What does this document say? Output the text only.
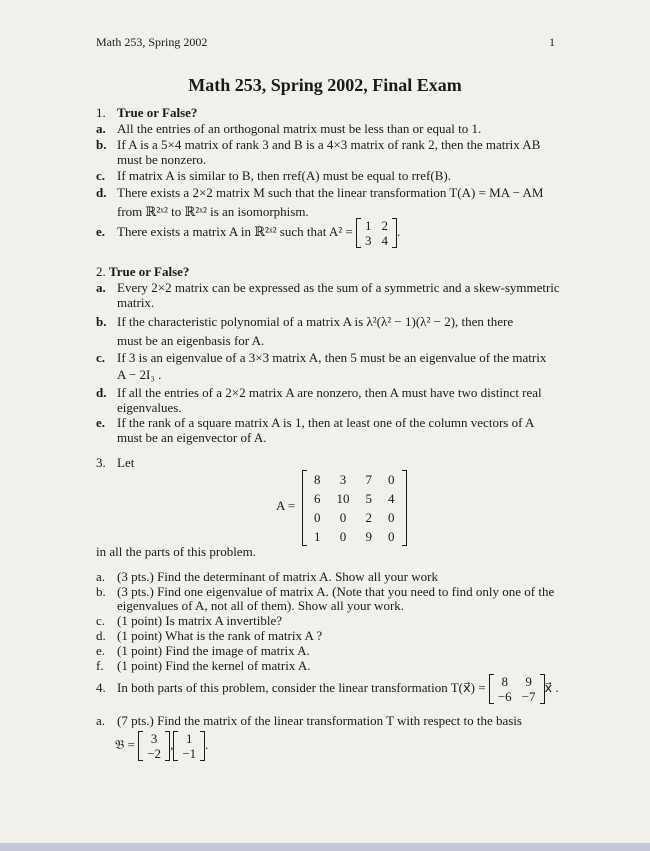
Math 253, Spring 2002	1
Math 253, Spring 2002, Final Exam
1. True or False?
a. All the entries of an orthogonal matrix must be less than or equal to 1.
b. If A is a 5×4 matrix of rank 3 and B is a 4×3 matrix of rank 2, then the matrix AB
must be nonzero.
c. If matrix A is similar to B, then rref(A) must be equal to rref(B).
d. There exists a 2×2 matrix M such that the linear transformation T(A) = MA − AM
from ℝ²ˣ² to ℝ²ˣ² is an isomorphism.
e. There exists a matrix A in ℝ²ˣ² such that A² = 1	2
3	4
.
2. True or False?
a. Every 2×2 matrix can be expressed as the sum of a symmetric and a skew-symmetric
matrix.
b. If the characteristic polynomial of a matrix A is λ²(λ² − 1)(λ² − 2), then there
must be an eigenbasis for A.
c. If 3 is an eigenvalue of a 3×3 matrix A, then 5 must be an eigenvalue of the matrix
A − 2I₃ .
d. If all the entries of a 2×2 matrix A are nonzero, then A must have two distinct real
eigenvalues.
e. If the rank of a square matrix A is 1, then at least one of the column vectors of A
must be an eigenvector of A.
3. Let
A =
8	3	7	0
6	10	5	4
0	0	2	0
1	0	9	0
in all the parts of this problem.
a. (3 pts.) Find the determinant of matrix A. Show all your work
b. (3 pts.) Find one eigenvalue of matrix A. (Note that you need to find only one of the
eigenvalues of A, not all of them). Show all your work.
c. (1 point) Is matrix A invertible?
d. (1 point) What is the rank of matrix A ?
e. (1 point) Find the image of matrix A.
f. (1 point) Find the kernel of matrix A.
4. In both parts of this problem, consider the linear transformation T(x⃗) = 8	9
−6	−7
x⃗ .
a. (7 pts.) Find the matrix of the linear transformation T with respect to the basis
𝔅 = 3
−2
, 1
−1
.
